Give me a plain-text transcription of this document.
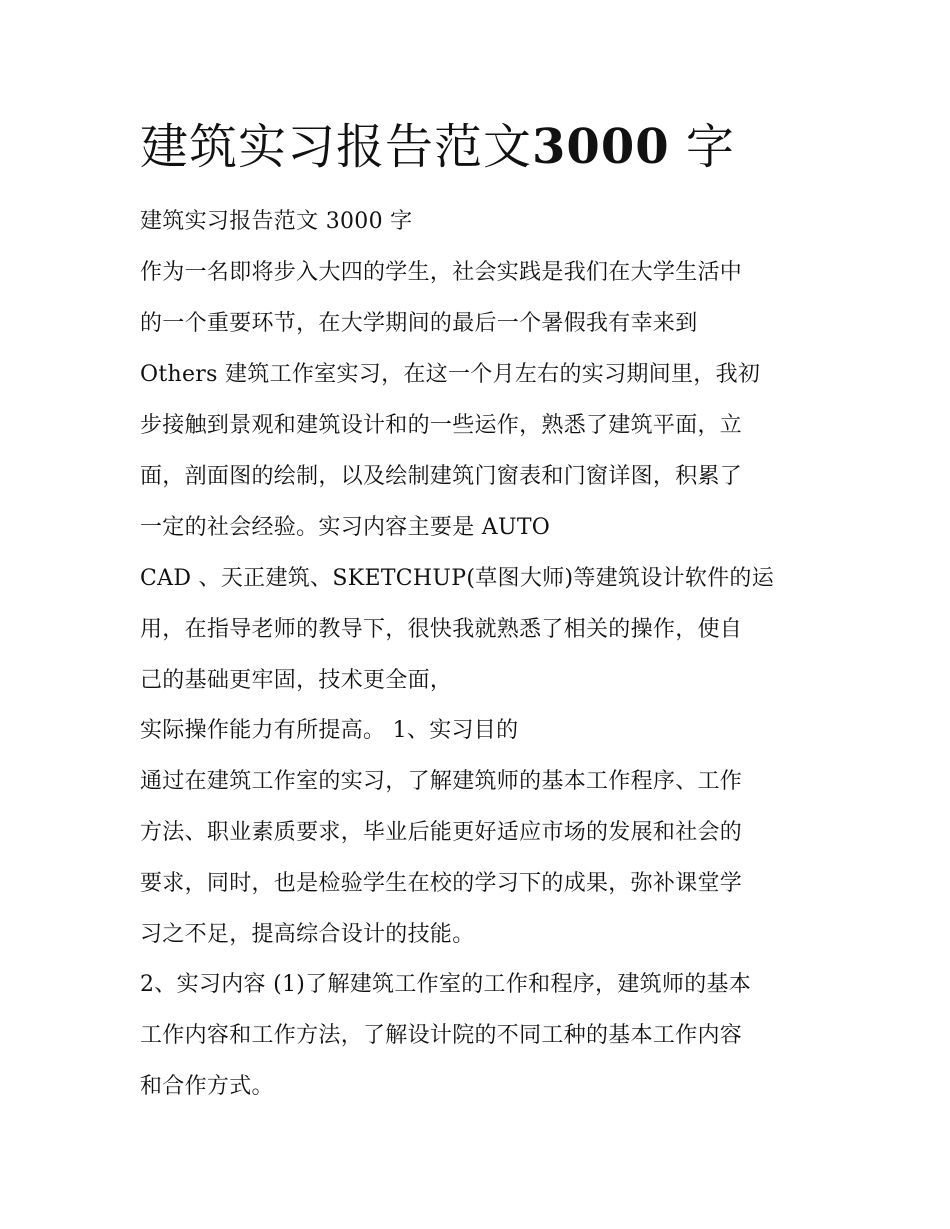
建筑实习报告范文3000 字
建筑实习报告范文 3000 字
作为一名即将步入大四的学生，社会实践是我们在大学生活中
的一个重要环节，在大学期间的最后一个暑假我有幸来到
Others 建筑工作室实习，在这一个月左右的实习期间里，我初
步接触到景观和建筑设计和的一些运作，熟悉了建筑平面，立
面，剖面图的绘制，以及绘制建筑门窗表和门窗详图，积累了
一定的社会经验。实习内容主要是 AUTO
CAD 、天正建筑、SKETCHUP(草图大师)等建筑设计软件的运
用，在指导老师的教导下，很快我就熟悉了相关的操作，使自
己的基础更牢固，技术更全面，
实际操作能力有所提高。 1、实习目的
通过在建筑工作室的实习，了解建筑师的基本工作程序、工作
方法、职业素质要求，毕业后能更好适应市场的发展和社会的
要求，同时，也是检验学生在校的学习下的成果，弥补课堂学
习之不足，提高综合设计的技能。
2、实习内容 (1)了解建筑工作室的工作和程序，建筑师的基本
工作内容和工作方法，了解设计院的不同工种的基本工作内容
和合作方式。
